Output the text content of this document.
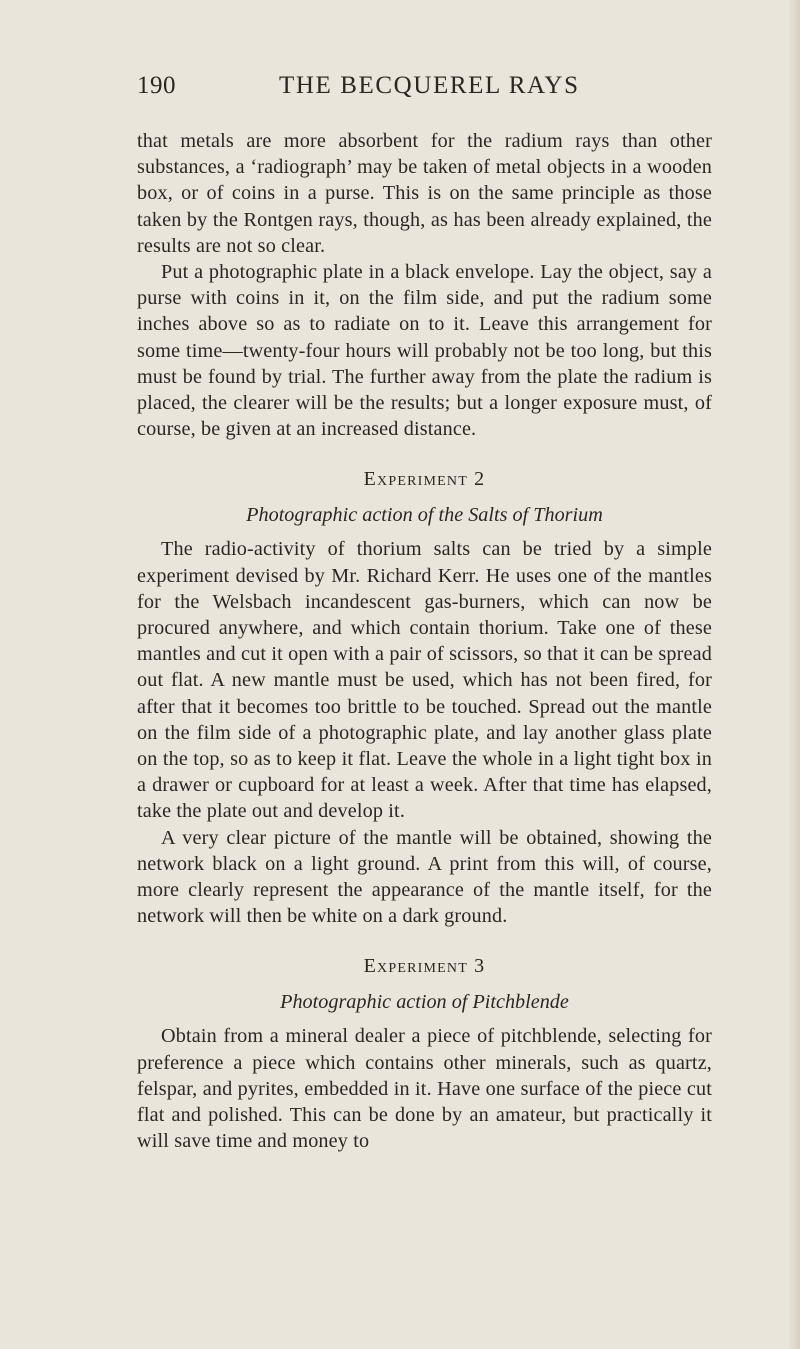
190	THE BECQUEREL RAYS

that metals are more absorbent for the radium rays than other substances, a ‘radiograph’ may be taken of metal objects in a wooden box, or of coins in a purse. This is on the same principle as those taken by the Rontgen rays, though, as has been already explained, the results are not so clear.

Put a photographic plate in a black envelope. Lay the object, say a purse with coins in it, on the film side, and put the radium some inches above so as to radiate on to it. Leave this arrangement for some time—twenty-four hours will probably not be too long, but this must be found by trial. The further away from the plate the radium is placed, the clearer will be the results; but a longer exposure must, of course, be given at an increased distance.

Experiment 2
Photographic action of the Salts of Thorium

The radio-activity of thorium salts can be tried by a simple experiment devised by Mr. Richard Kerr. He uses one of the mantles for the Welsbach incandescent gas-burners, which can now be procured anywhere, and which contain thorium. Take one of these mantles and cut it open with a pair of scissors, so that it can be spread out flat. A new mantle must be used, which has not been fired, for after that it becomes too brittle to be touched. Spread out the mantle on the film side of a photographic plate, and lay another glass plate on the top, so as to keep it flat. Leave the whole in a light tight box in a drawer or cupboard for at least a week. After that time has elapsed, take the plate out and develop it.

A very clear picture of the mantle will be obtained, showing the network black on a light ground. A print from this will, of course, more clearly represent the appearance of the mantle itself, for the network will then be white on a dark ground.

Experiment 3
Photographic action of Pitchblende

Obtain from a mineral dealer a piece of pitchblende, selecting for preference a piece which contains other minerals, such as quartz, felspar, and pyrites, embedded in it. Have one surface of the piece cut flat and polished. This can be done by an amateur, but practically it will save time and money to
